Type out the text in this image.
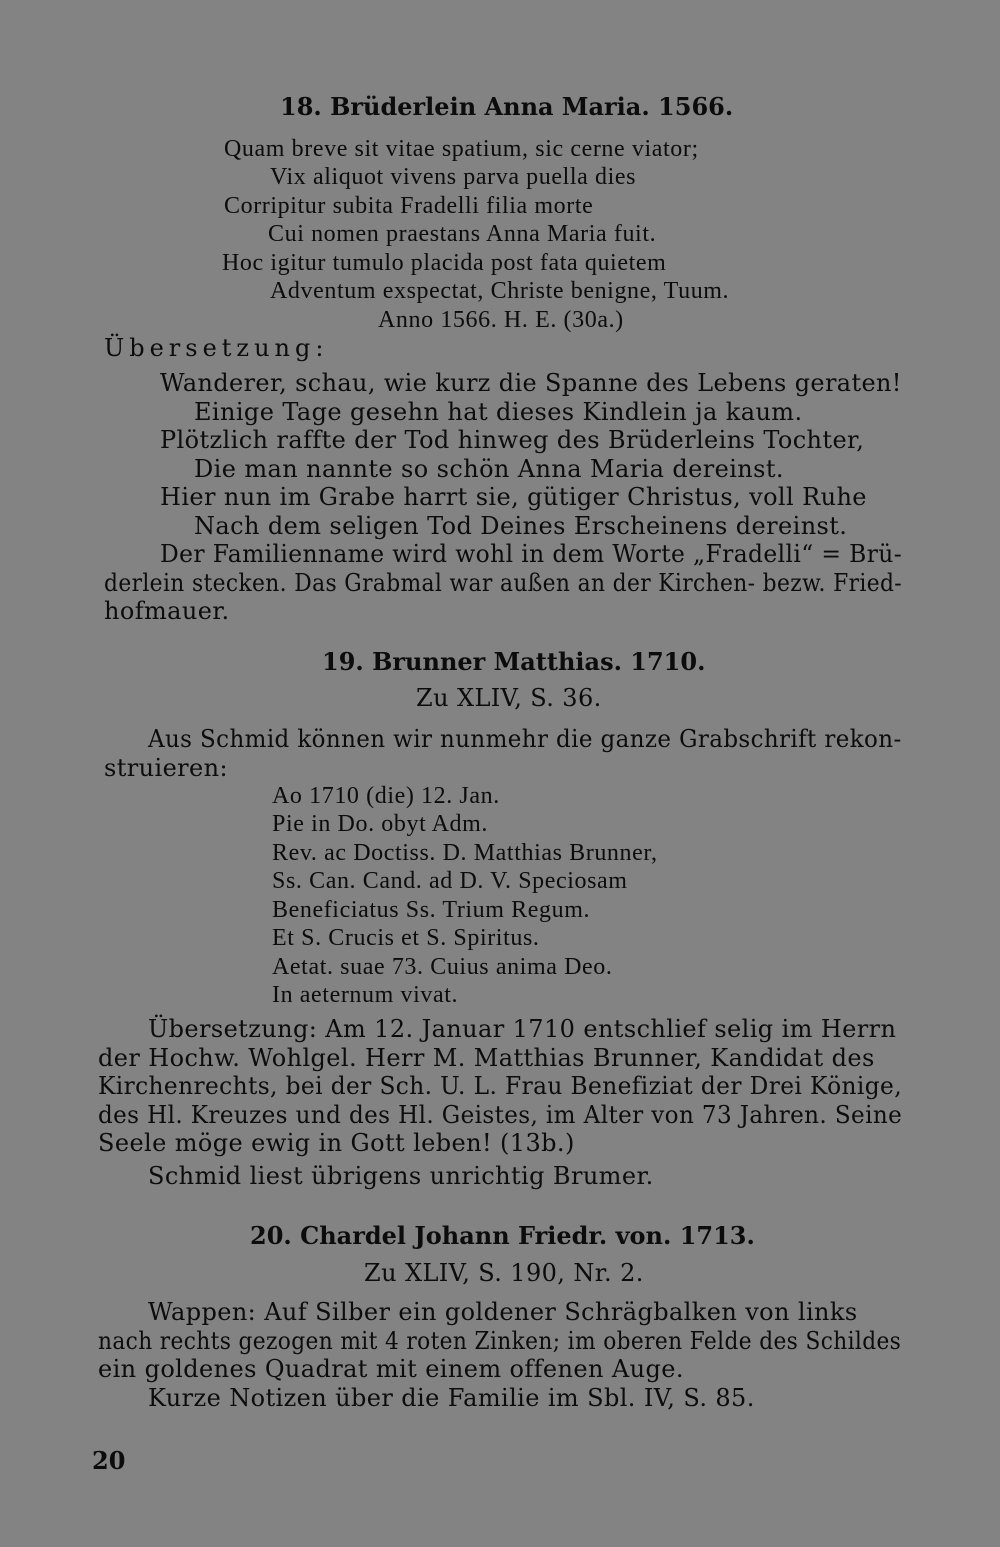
18. Brüderlein Anna Maria. 1566.
Quam breve sit vitae spatium, sic cerne viator;
Vix aliquot vivens parva puella dies
Corripitur subita Fradelli filia morte
Cui nomen praestans Anna Maria fuit.
Hoc igitur tumulo placida post fata quietem
Adventum exspectat, Christe benigne, Tuum.
Anno 1566. H. E. (30a.)
Übersetzung:
Wanderer, schau, wie kurz die Spanne des Lebens geraten!
Einige Tage gesehn hat dieses Kindlein ja kaum.
Plötzlich raffte der Tod hinweg des Brüderleins Tochter,
Die man nannte so schön Anna Maria dereinst.
Hier nun im Grabe harrt sie, gütiger Christus, voll Ruhe
Nach dem seligen Tod Deines Erscheinens dereinst.
Der Familienname wird wohl in dem Worte „Fradelli“ = Brü-
derlein stecken. Das Grabmal war außen an der Kirchen- bezw. Fried-
hofmauer.
19. Brunner Matthias. 1710.
Zu XLIV, S. 36.
Aus Schmid können wir nunmehr die ganze Grabschrift rekon-
struieren:
Ao 1710 (die) 12. Jan.
Pie in Do. obyt Adm.
Rev. ac Doctiss. D. Matthias Brunner,
Ss. Can. Cand. ad D. V. Speciosam
Beneficiatus Ss. Trium Regum.
Et S. Crucis et S. Spiritus.
Aetat. suae 73. Cuius anima Deo.
In aeternum vivat.
Übersetzung: Am 12. Januar 1710 entschlief selig im Herrn
der Hochw. Wohlgel. Herr M. Matthias Brunner, Kandidat des
Kirchenrechts, bei der Sch. U. L. Frau Benefiziat der Drei Könige,
des Hl. Kreuzes und des Hl. Geistes, im Alter von 73 Jahren. Seine
Seele möge ewig in Gott leben! (13b.)
Schmid liest übrigens unrichtig Brumer.
20. Chardel Johann Friedr. von. 1713.
Zu XLIV, S. 190, Nr. 2.
Wappen: Auf Silber ein goldener Schrägbalken von links
nach rechts gezogen mit 4 roten Zinken; im oberen Felde des Schildes
ein goldenes Quadrat mit einem offenen Auge.
Kurze Notizen über die Familie im Sbl. IV, S. 85.
20
